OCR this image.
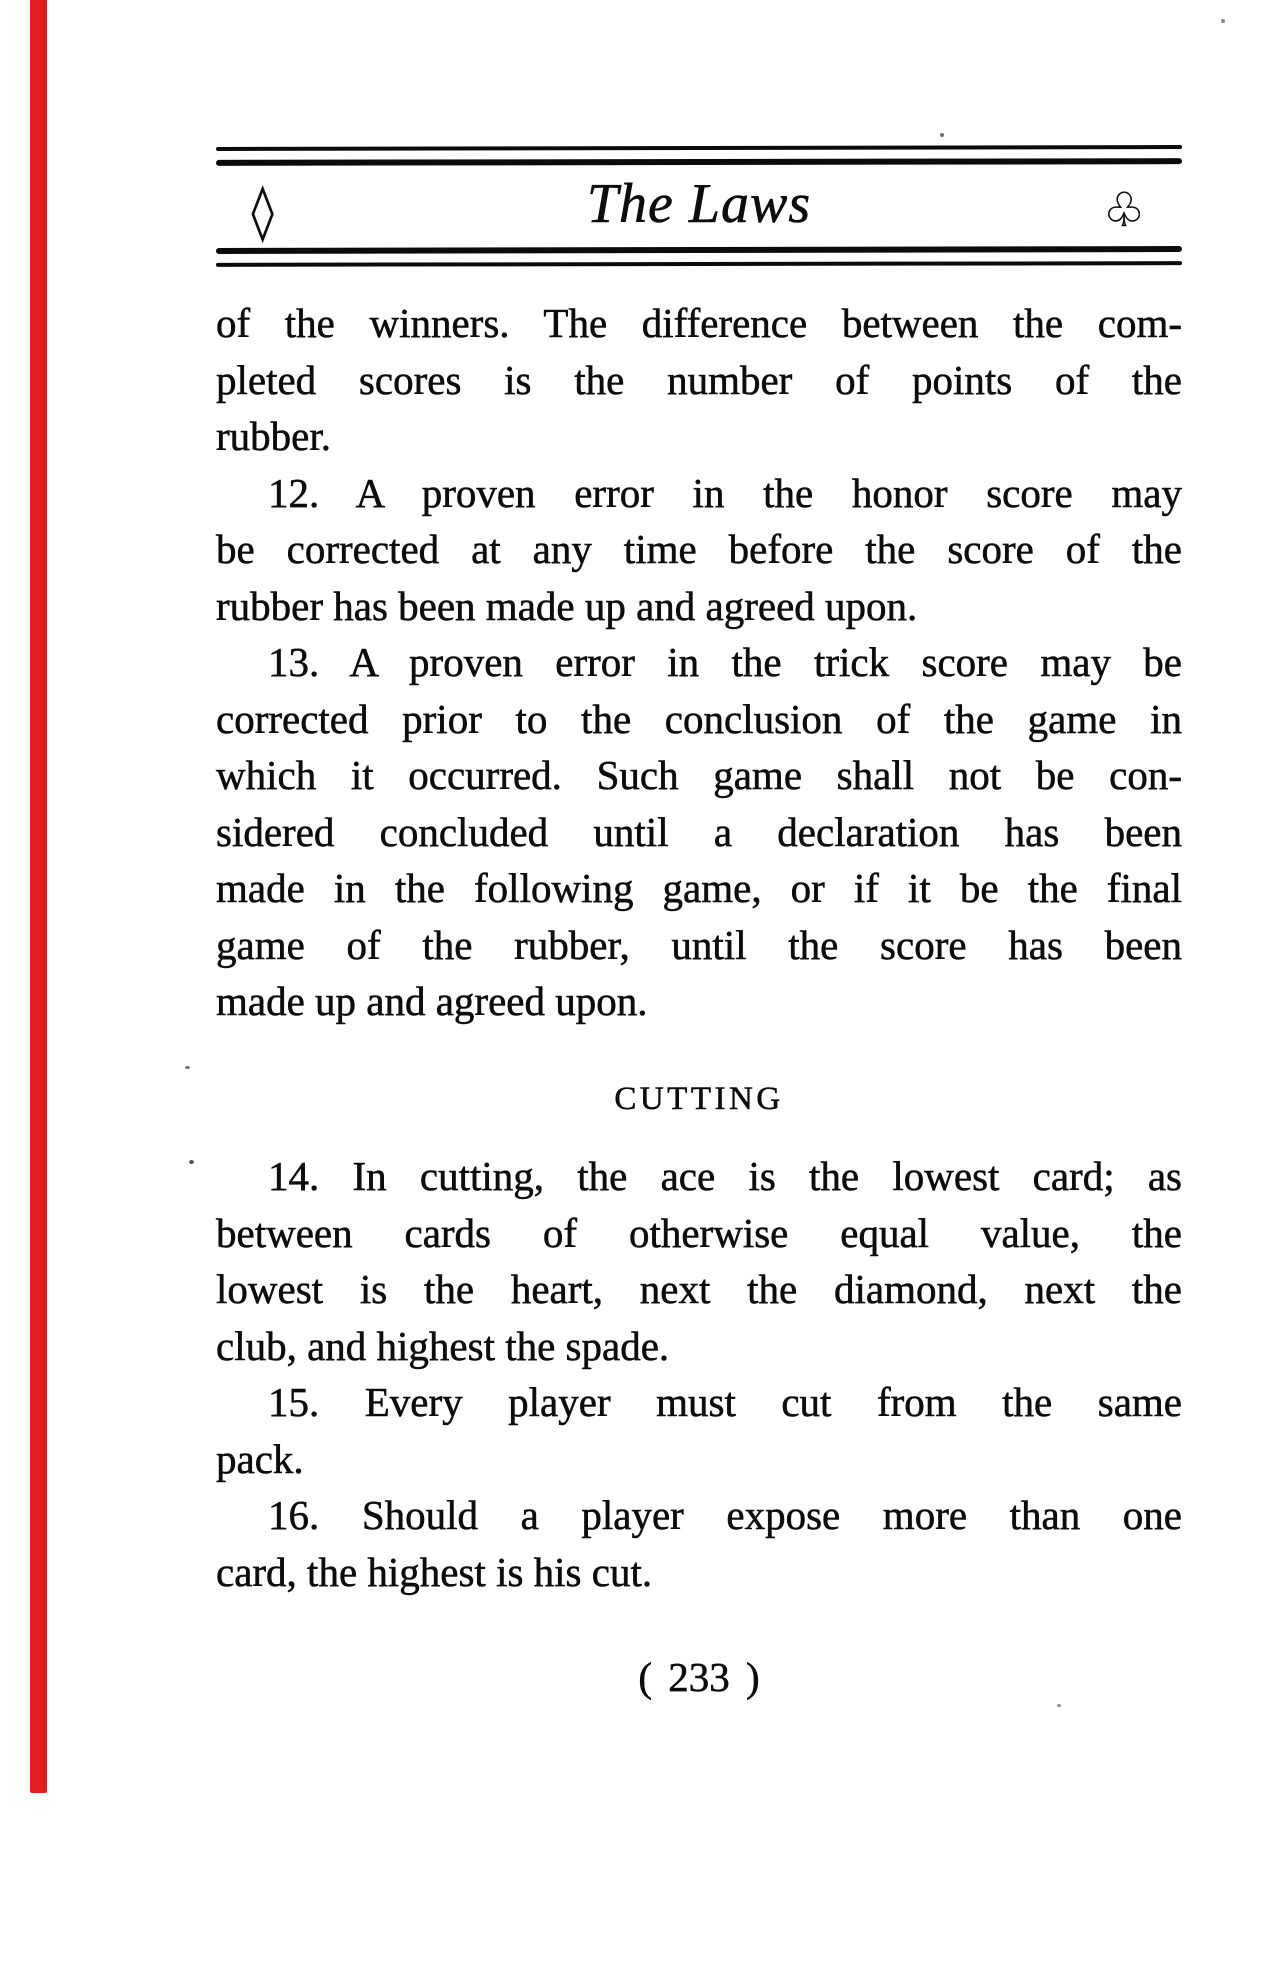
◊	The Laws	♧

of the winners. The difference between the com-

pleted scores is the number of points of the

rubber.

12. A proven error in the honor score may

be corrected at any time before the score of the

rubber has been made up and agreed upon.

13. A proven error in the trick score may be

corrected prior to the conclusion of the game in

which it occurred. Such game shall not be con-

sidered concluded until a declaration has been

made in the following game, or if it be the final

game of the rubber, until the score has been

made up and agreed upon.

CUTTING

14. In cutting, the ace is the lowest card; as

between cards of otherwise equal value, the

lowest is the heart, next the diamond, next the

club, and highest the spade.

15. Every player must cut from the same

pack.

16. Should a player expose more than one

card, the highest is his cut.

( 233 )
